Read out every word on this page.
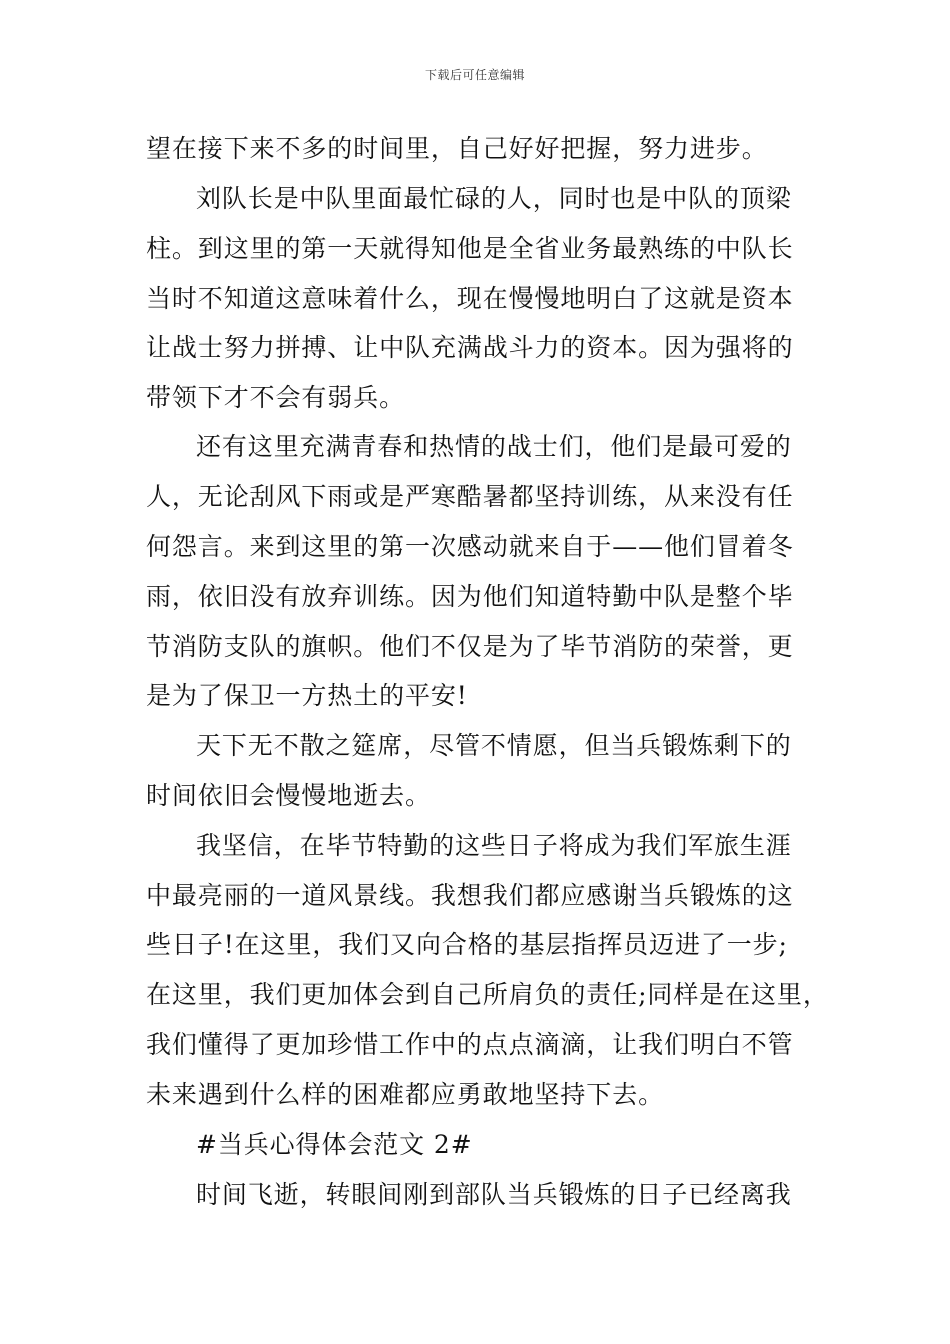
下载后可任意编辑
望在接下来不多的时间里，自己好好把握，努力进步。
刘队长是中队里面最忙碌的人，同时也是中队的顶梁
柱。到这里的第一天就得知他是全省业务最熟练的中队长
当时不知道这意味着什么，现在慢慢地明白了这就是资本
让战士努力拼搏、让中队充满战斗力的资本。因为强将的
带领下才不会有弱兵。
还有这里充满青春和热情的战士们，他们是最可爱的
人，无论刮风下雨或是严寒酷暑都坚持训练，从来没有任
何怨言。来到这里的第一次感动就来自于——他们冒着冬
雨，依旧没有放弃训练。因为他们知道特勤中队是整个毕
节消防支队的旗帜。他们不仅是为了毕节消防的荣誉，更
是为了保卫一方热土的平安!
天下无不散之筵席，尽管不情愿，但当兵锻炼剩下的
时间依旧会慢慢地逝去。
我坚信，在毕节特勤的这些日子将成为我们军旅生涯
中最亮丽的一道风景线。我想我们都应感谢当兵锻炼的这
些日子!在这里，我们又向合格的基层指挥员迈进了一步;
在这里，我们更加体会到自己所肩负的责任;同样是在这里，
我们懂得了更加珍惜工作中的点点滴滴，让我们明白不管
未来遇到什么样的困难都应勇敢地坚持下去。
#当兵心得体会范文 2#
时间飞逝，转眼间刚到部队当兵锻炼的日子已经离我
